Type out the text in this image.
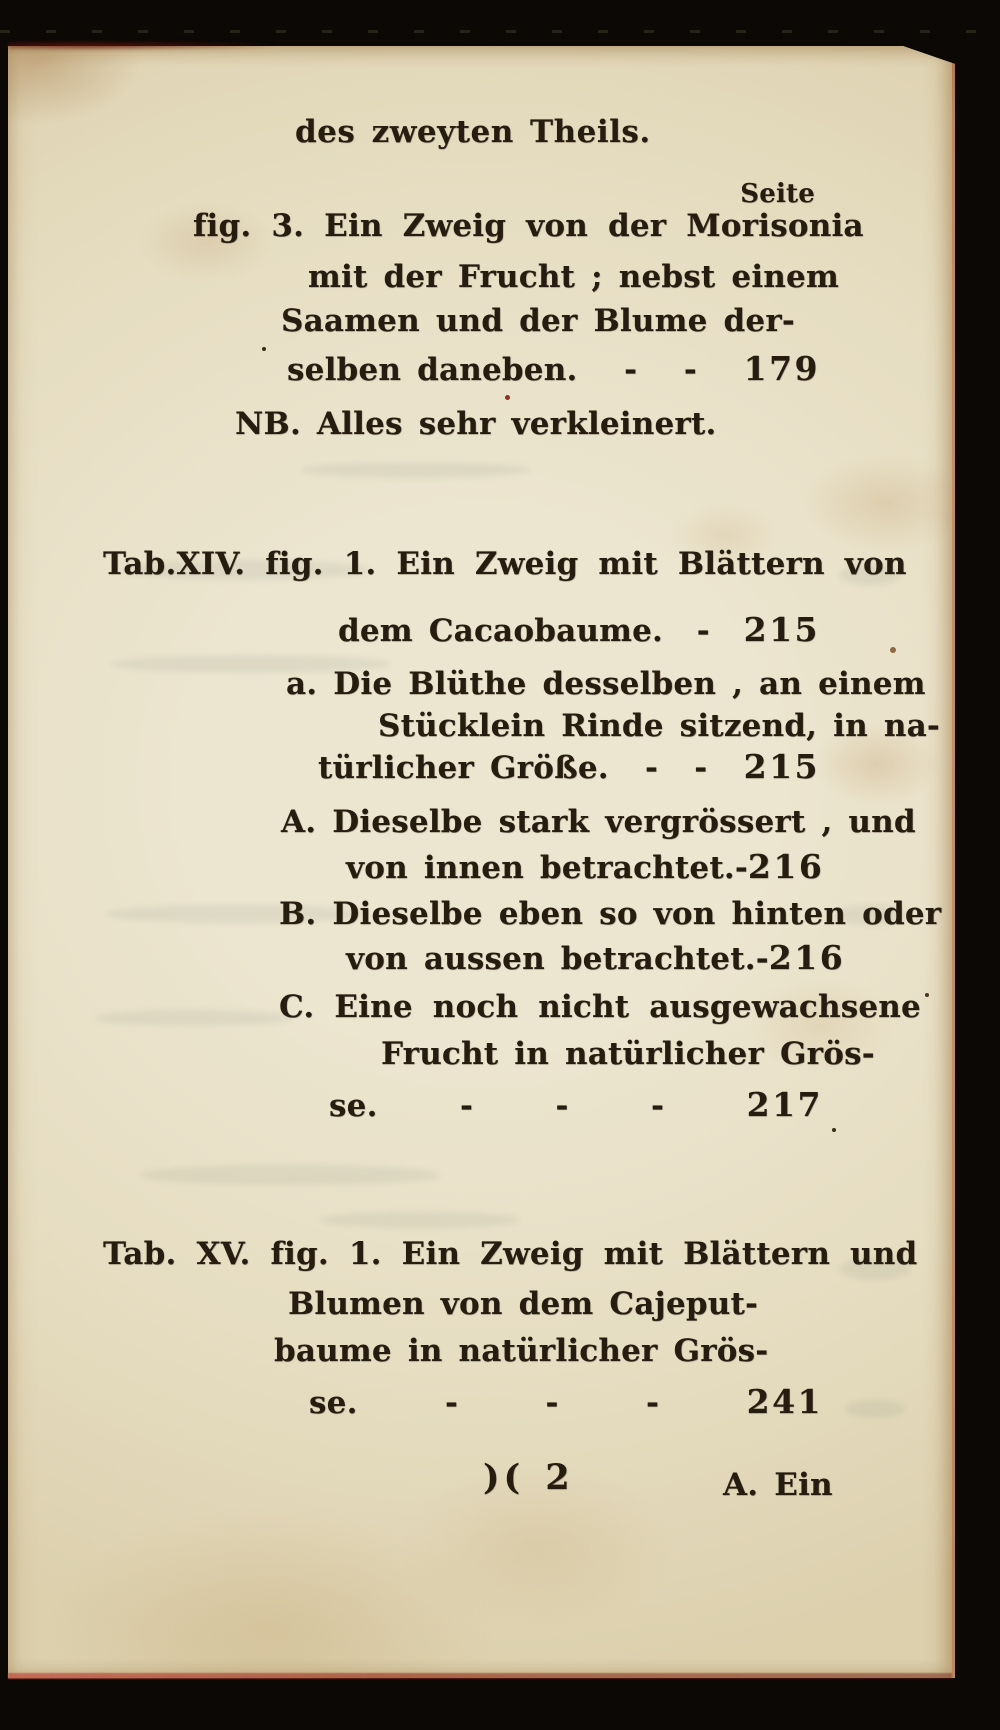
des zweyten Theils.
Seite
NB. Alles sehr verkleinert.
)( 2	A. Ein
fig. 3. Ein Zweig von der Morisonia
mit der Frucht ; nebst einem
Saamen und der Blume der-
selben daneben. - - 179
Tab.XIV. fig. 1. Ein Zweig mit Blättern von
dem Cacaobaume. - 215
a. Die Blüthe desselben , an einem
Stücklein Rinde sitzend, in na-
türlicher Größe. - - 215
A. Dieselbe stark vergrössert , und
von innen betrachtet. - 216
B. Dieselbe eben so von hinten oder
von aussen betrachtet. - 216
C. Eine noch nicht ausgewachsene
Frucht in natürlicher Grös-
se.	-	-	- 217
Tab. XV. fig. 1. Ein Zweig mit Blättern und
Blumen von dem Cajeput-
baume in natürlicher Grös-
se.	-	-	-	241
